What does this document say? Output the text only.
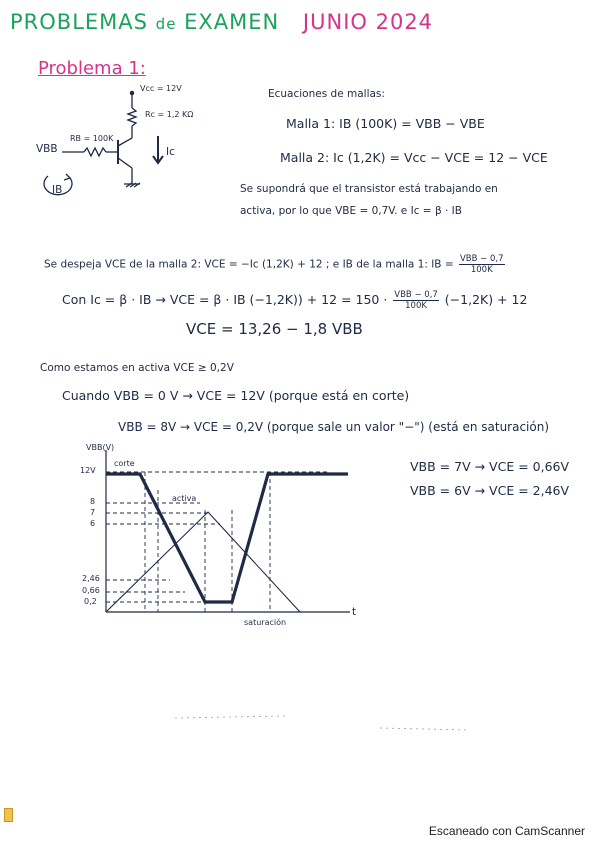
PROBLEMAS de EXAMEN JUNIO 2024
Problema 1:
Vcc = 12V
Rc = 1,2 KΩ
RB = 100K
VBB	Ic
IB
Ecuaciones de mallas:
Malla 1: IB (100K) = VBB − VBE
Malla 2: Ic (1,2K) = Vcc − VCE = 12 − VCE
Se supondrá que el transistor está trabajando en
activa, por lo que VBE = 0,7V. e Ic = β · IB
Se despeja VCE de la malla 2: VCE = −Ic (1,2K) + 12 ; e IB de la malla 1: IB = $\frac{\text{VBB − 0,7}}{100K}$
Con Ic = β · IB → VCE = β · IB $(-1,2K)) + 12 = 150 \cdot \frac{\text{VBB − 0,7}}{100K} (-1,2K) + 12$
VCE = 13,26 − 1,8 VBB
Como estamos en activa VCE ≥ 0,2V
Cuando VBB = 0 V → VCE = 12V (porque está en corte)
VBB = 8V → VCE = 0,2V (porque sale un valor "−") (está en saturación)
VBB = 7V → VCE = 0,66V
VBB = 6V → VCE = 2,46V
VBB(V)
12V
8
7
6
2,46
0,66
0,2
corte
activa
saturación
t
Escaneado con CamScanner
